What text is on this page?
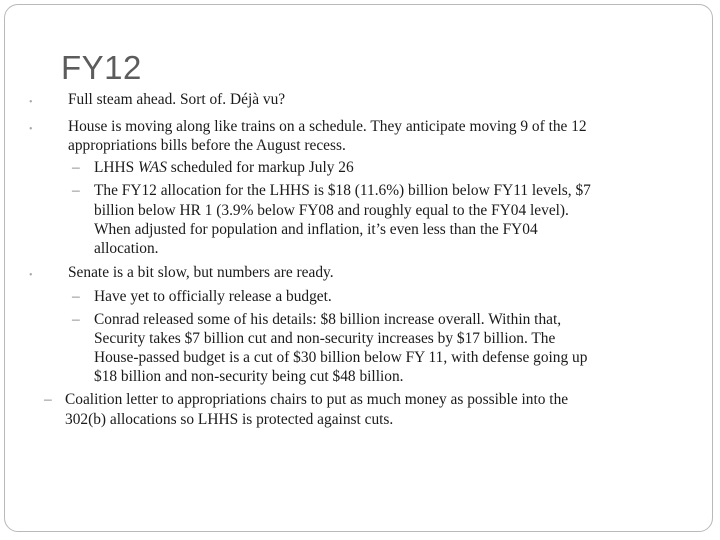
FY12
• Full steam ahead. Sort of. Déjà vu?
• House is moving along like trains on a schedule. They anticipate moving 9 of the 12
appropriations bills before the August recess.
– LHHS WAS scheduled for markup July 26
– The FY12 allocation for the LHHS is $18 (11.6%) billion below FY11 levels, $7
billion below HR 1 (3.9% below FY08 and roughly equal to the FY04 level).
When adjusted for population and inflation, it’s even less than the FY04
allocation.
• Senate is a bit slow, but numbers are ready.
– Have yet to officially release a budget.
– Conrad released some of his details: $8 billion increase overall. Within that,
Security takes $7 billion cut and non-security increases by $17 billion. The
House-passed budget is a cut of $30 billion below FY 11, with defense going up
$18 billion and non-security being cut $48 billion.
– Coalition letter to appropriations chairs to put as much money as possible into the
302(b) allocations so LHHS is protected against cuts.
